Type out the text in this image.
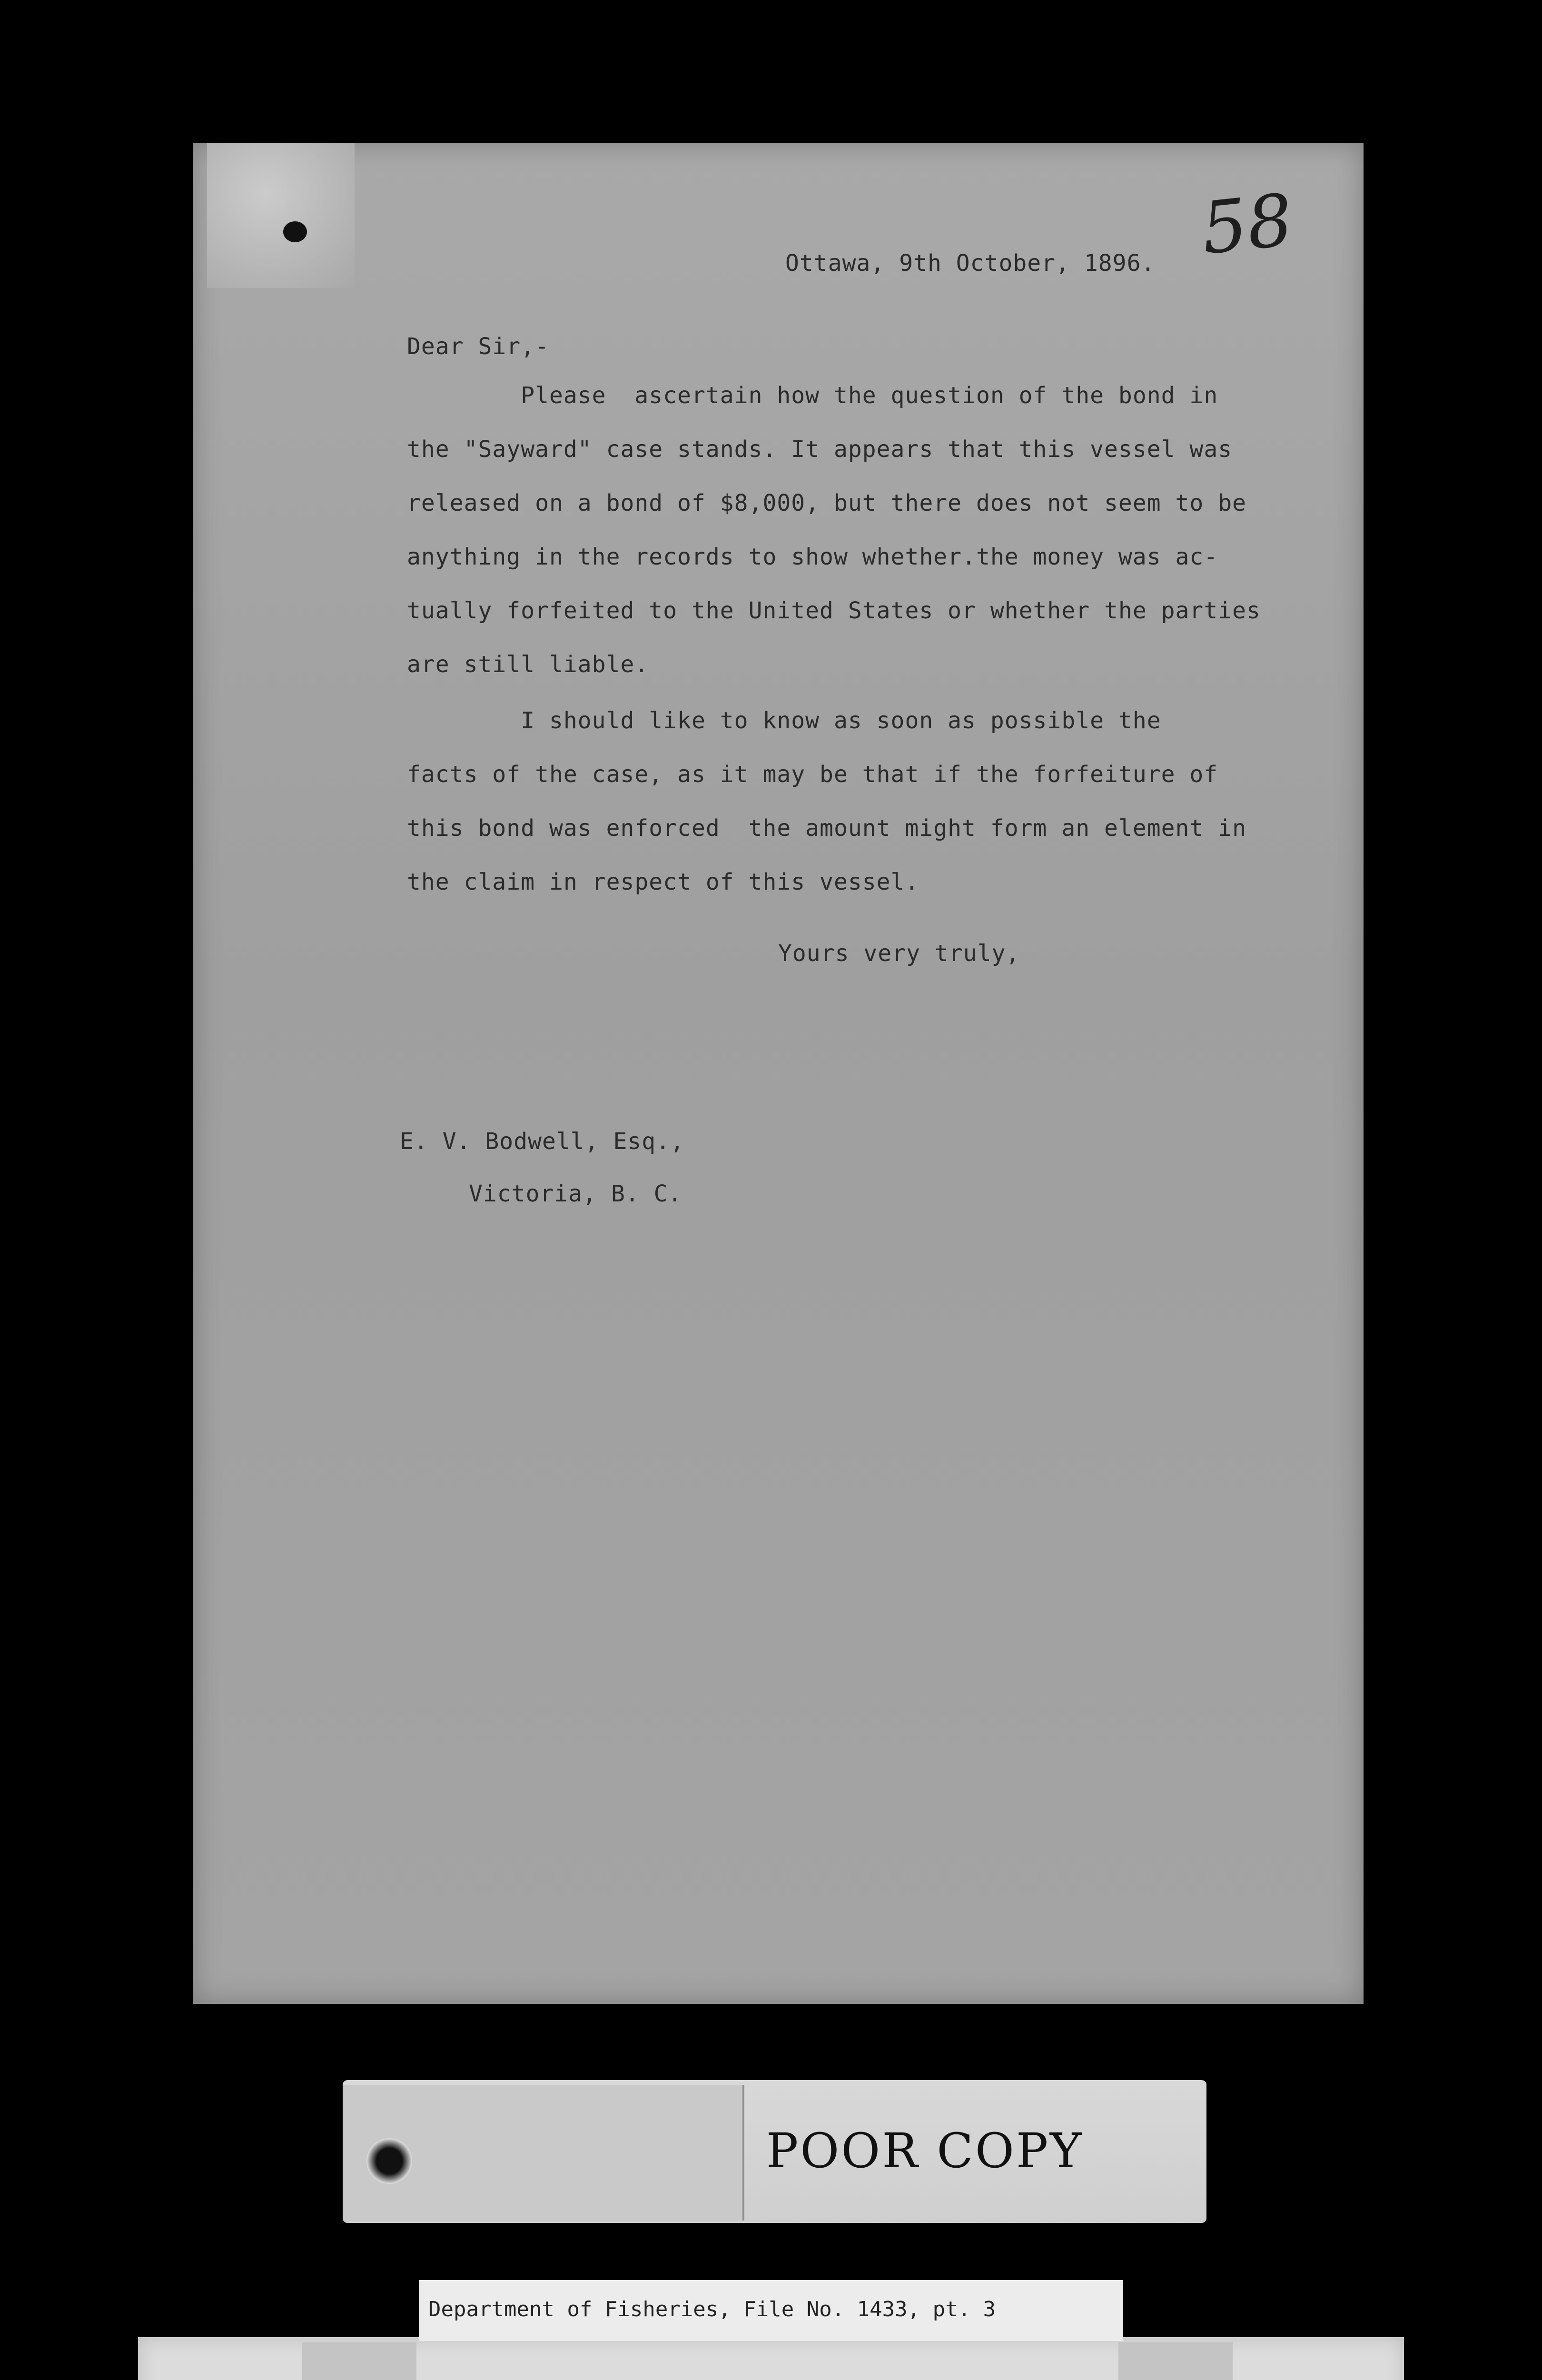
58
Ottawa, 9th October, 1896.
Dear Sir,-
Please  ascertain how the question of the bond in
the "Sayward" case stands. It appears that this vessel was
released on a bond of $8,000, but there does not seem to be
anything in the records to show whether.the money was ac-
tually forfeited to the United States or whether the parties
are still liable.
I should like to know as soon as possible the
facts of the case, as it may be that if the forfeiture of
this bond was enforced  the amount might form an element in
the claim in respect of this vessel.
Yours very truly,
E. V. Bodwell, Esq.,
Victoria, B. C.
POOR COPY
Department of Fisheries, File No. 1433, pt. 3
